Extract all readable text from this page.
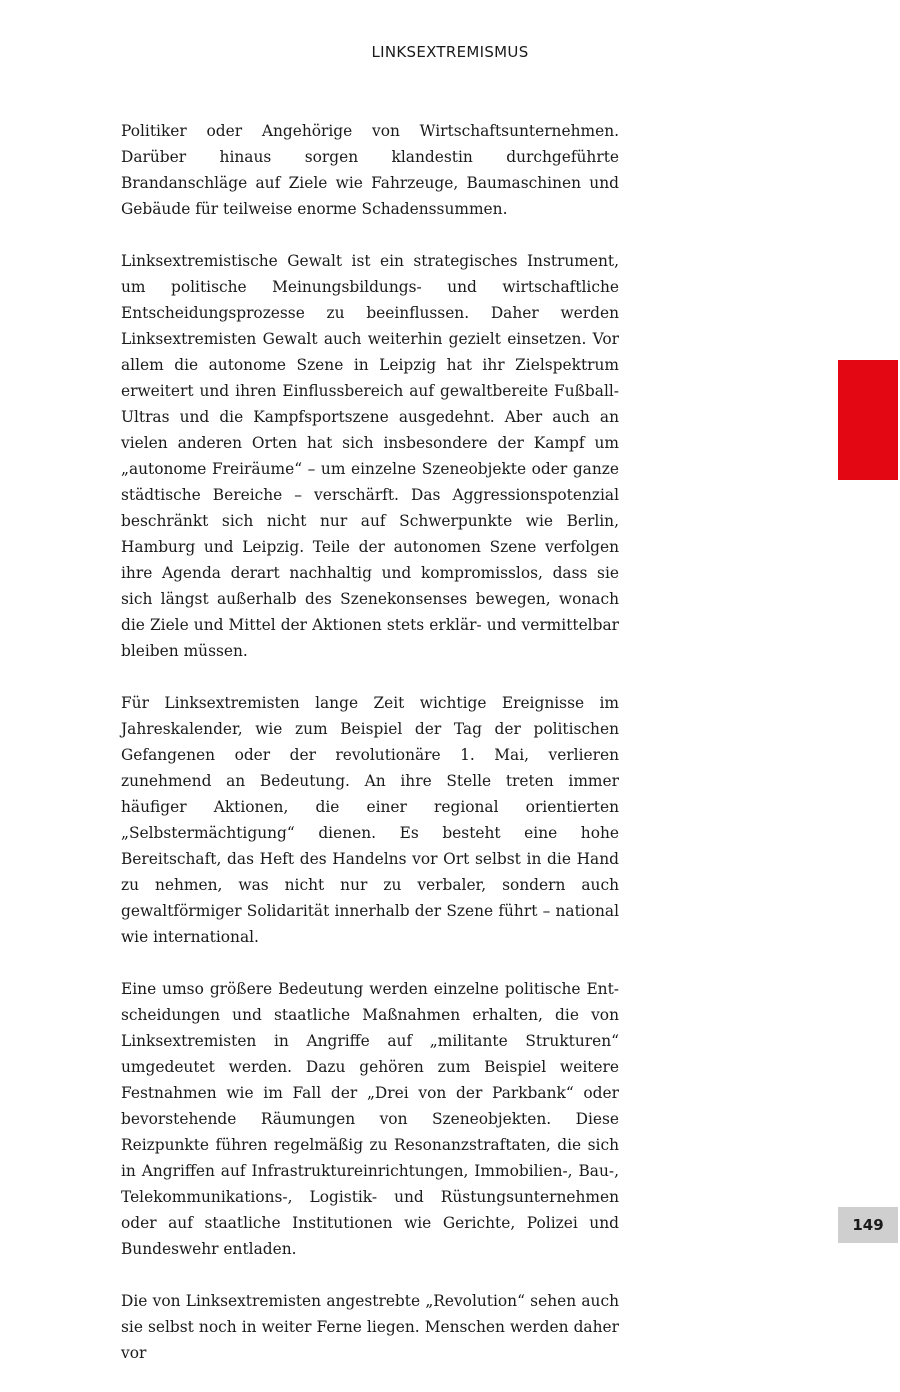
LINKSEXTREMISMUS

Politiker oder Angehörige von Wirtschaftsunternehmen. Darüber hinaus sorgen klandestin durchgeführte Brandanschläge auf Ziele wie Fahrzeuge, Baumaschinen und Gebäude für teilweise enorme Schadenssummen.

Linksextremistische Gewalt ist ein strategisches Instrument, um politische Meinungsbildungs- und wirtschaftliche Entscheidungsprozesse zu beeinflussen. Daher werden Linksextremisten Gewalt auch weiterhin gezielt einsetzen. Vor allem die autonome Szene in Leipzig hat ihr Zielspektrum erweitert und ihren Einflussbereich auf gewaltbereite Fußball-Ultras und die Kampfsportszene ausgedehnt. Aber auch an vielen anderen Orten hat sich insbesondere der Kampf um „autonome Freiräume“ – um einzelne Szeneobjekte oder ganze städtische Bereiche – verschärft. Das Aggressionspotenzial beschränkt sich nicht nur auf Schwerpunkte wie Berlin, Hamburg und Leipzig. Teile der autonomen Szene verfolgen ihre Agenda derart nachhaltig und kompromisslos, dass sie sich längst außerhalb des Szenekonsenses bewegen, wonach die Ziele und Mittel der Aktionen stets erklär- und vermittelbar bleiben müssen.

Für Linksextremisten lange Zeit wichtige Ereignisse im Jahreskalender, wie zum Beispiel der Tag der politischen Gefangenen oder der revolutionäre 1. Mai, verlieren zunehmend an Bedeutung. An ihre Stelle treten immer häufiger Aktionen, die einer regional orientierten „Selbstermächtigung“ dienen. Es besteht eine hohe Bereitschaft, das Heft des Handelns vor Ort selbst in die Hand zu nehmen, was nicht nur zu verbaler, sondern auch gewaltförmiger Solidarität innerhalb der Szene führt – national wie international.

Eine umso größere Bedeutung werden einzelne politische Entscheidungen und staatliche Maßnahmen erhalten, die von Linksextremisten in Angriffe auf „militante Strukturen“ umgedeutet werden. Dazu gehören zum Beispiel weitere Festnahmen wie im Fall der „Drei von der Parkbank“ oder bevorstehende Räumungen von Szeneobjekten. Diese Reizpunkte führen regelmäßig zu Resonanzstraftaten, die sich in Angriffen auf Infrastruktureinrichtungen, Immobilien-, Bau-, Telekommunikations-, Logistik- und Rüstungsunternehmen oder auf staatliche Institutionen wie Gerichte, Polizei und Bundeswehr entladen.

Die von Linksextremisten angestrebte „Revolution“ sehen auch sie selbst noch in weiter Ferne liegen. Menschen werden daher vor

149
